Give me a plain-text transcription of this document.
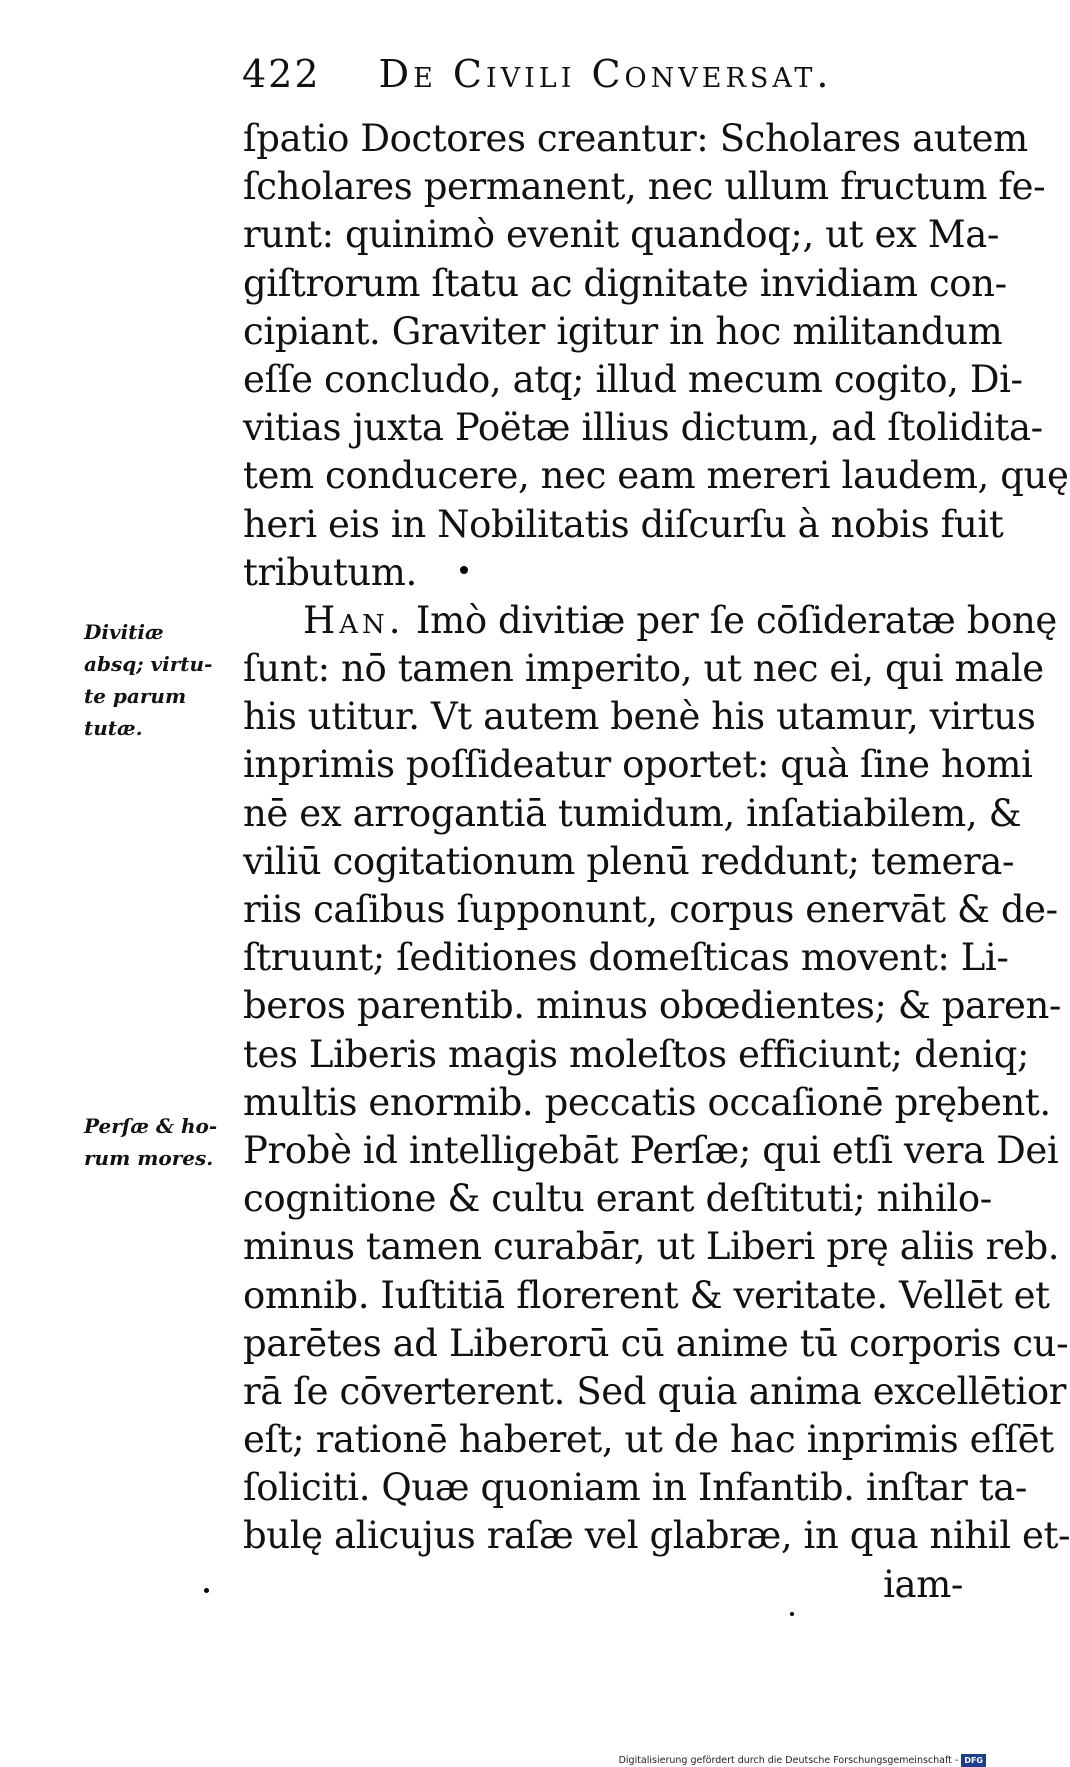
422 De Civili Conversat.
ſpatio Doctores creantur: Scholares autem
ſcholares permanent, nec ullum fructum fe-
runt: quinimò evenit quandoq;, ut ex Ma-
giſtrorum ſtatu ac dignitate invidiam con-
cipiant. Graviter igitur in hoc militandum
eſſe concludo, atq; illud mecum cogito, Di-
vitias juxta Poëtæ illius dictum, ad ſtolidita-
tem conducere, nec eam mereri laudem, quę
heri eis in Nobilitatis diſcurſu à nobis fuit
tributum.
Han. Imò divitiæ per ſe cōſideratæ bonę
ſunt: nō tamen imperito, ut nec ei, qui male
his utitur. Vt autem benè his utamur, virtus
inprimis poſſideatur oportet: quà ſine homi
nē ex arrogantiā tumidum, inſatiabilem, &
viliū cogitationum plenū reddunt; temera-
riis caſibus ſupponunt, corpus enervāt & de-
ſtruunt; ſeditiones domeſticas movent: Li-
beros parentib. minus obœdientes; & paren-
tes Liberis magis moleſtos efficiunt; deniq;
multis enormib. peccatis occaſionē prębent.
Probè id intelligebāt Perſæ; qui etſi vera Dei
cognitione & cultu erant deſtituti; nihilo-
minus tamen curabār, ut Liberi prę aliis reb.
omnib. Iuſtitiā florerent & veritate. Vellēt et
parētes ad Liberorū cū anime tū corporis cu-
rā ſe cōverterent. Sed quia anima excellētior
eſt; rationē haberet, ut de hac inprimis eſſēt
ſoliciti. Quæ quoniam in Infantib. inſtar ta-
bulę alicujus raſæ vel glabræ, in qua nihil et-
iam-
Divitiæ
absq; virtu-
te parum
tutæ.
Perſæ & ho-
rum mores.
Digitalisierung gefördert durch die Deutsche Forschungsgemeinschaft - DFG
